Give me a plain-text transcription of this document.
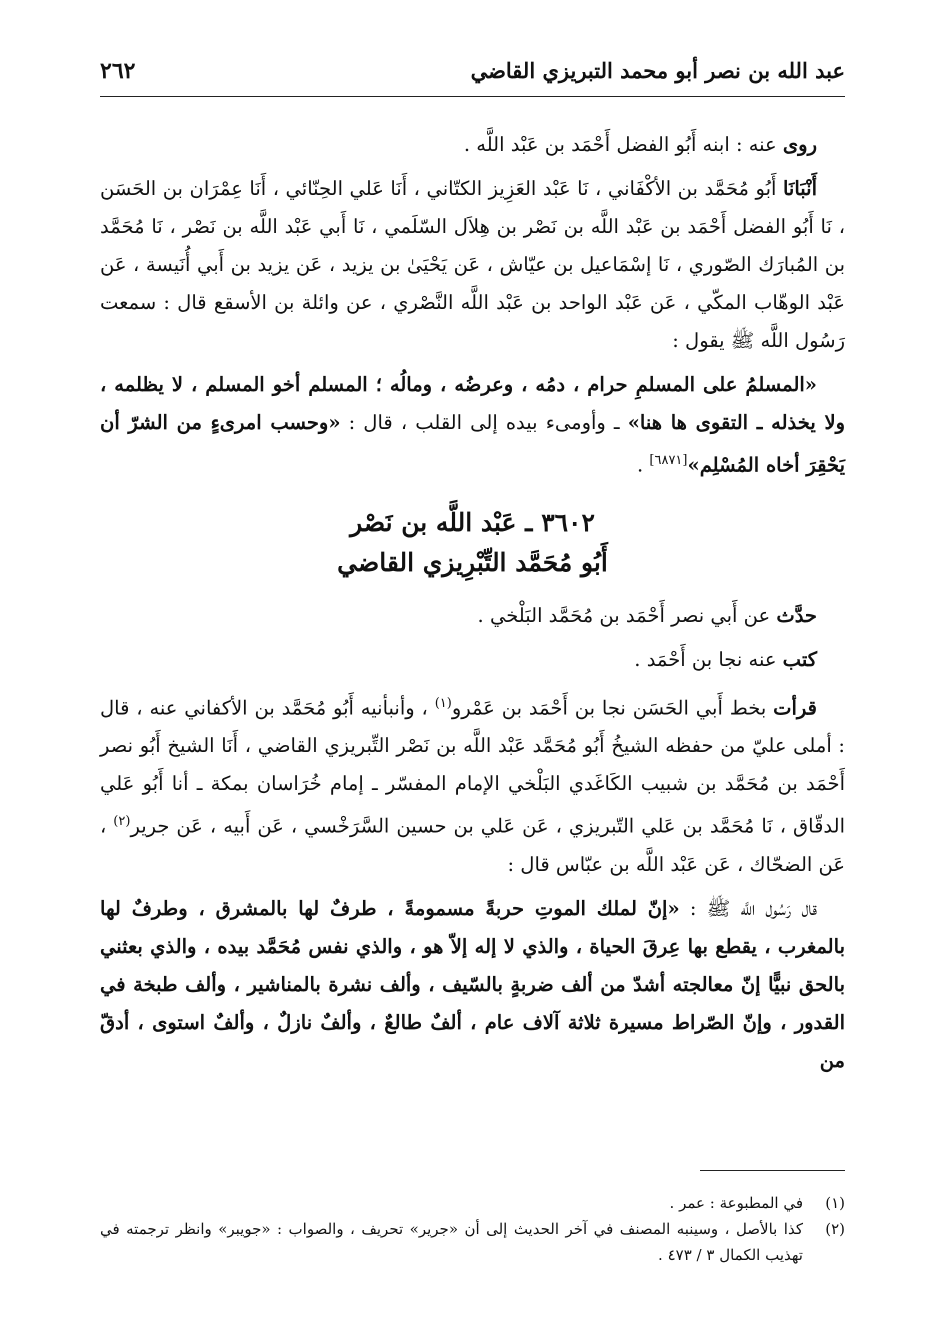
عبد الله بن نصر أبو محمد التبريزي القاضي
٢٦٢

روى عنه : ابنه أَبُو الفضل أَحْمَد بن عَبْد اللَّه .

أَنْبَانَا أَبُو مُحَمَّد بن الأكْفَاني ، نَا عَبْد العَزِيز الكتّاني ، أَنَا عَلي الحِنّائي ، أَنَا عِمْرَان بن الحَسَن ، نَا أَبُو الفضل أَحْمَد بن عَبْد اللَّه بن نَصْر بن هِلاَل السّلَمي ، نَا أَبي عَبْد اللَّه بن نَصْر ، نَا مُحَمَّد بن المُبارَك الصّوري ، نَا إسْمَاعيل بن عيّاش ، عَن يَحْيَىٰ بن يزيد ، عَن يزيد بن أَبي أُنَيسة ، عَن عَبْد الوهّاب المكّي ، عَن عَبْد الواحد بن عَبْد اللَّه النَّصْري ، عن وائلة بن الأسقع قال : سمعت رَسُول اللَّه ﷺ يقول :

«المسلمُ على المسلمِ حرام ، دمُه ، وعرضُه ، ومالُه ؛ المسلم أخو المسلم ، لا يظلمه ، ولا يخذله ـ التقوى ها هنا» ـ وأومىء بيده إلى القلب ، قال : «وحسب امرىءٍ من الشرّ أن يَحْقِرَ أخاه المُسْلِم»[٦٨٧١] .

٣٦٠٢ ـ عَبْد اللَّه بن نَصْر
أَبُو مُحَمَّد التِّبْرِيزي القاضي

حدَّث عن أَبي نصر أَحْمَد بن مُحَمَّد البَلْخي .

كتب عنه نجا بن أَحْمَد .

قرأت بخط أَبي الحَسَن نجا بن أَحْمَد بن عَمْرو$^{(١)}$ ، وأنبأنيه أَبُو مُحَمَّد بن الأكفاني عنه ، قال : أملى عليّ من حفظه الشيخُ أَبُو مُحَمَّد عَبْد اللَّه بن نَصْر التِّبريزي القاضي ، أَنَا الشيخ أَبُو نصر أَحْمَد بن مُحَمَّد بن شبيب الكَاغَدي البَلْخي الإمام المفسّر ـ إمام خُرَاسان بمكة ـ أنا أَبُو عَلي الدقّاق ، نَا مُحَمَّد بن عَلي التّبريزي ، عَن عَلي بن حسين السَّرَخْسي ، عَن أَبيه ، عَن جرير$^{(٢)}$ ، عَن الضحّاك ، عَن عَبْد اللَّه بن عبّاس قال :

قال رَسُول اللَّه ﷺ : «إنّ لملك الموتِ حربةً مسمومةً ، طرفٌ لها بالمشرق ، وطرفٌ لها بالمغرب ، يقطع بها عِرقَ الحياة ، والذي لا إله إلاّ هو ، والذي نفس مُحَمَّد بيده ، والذي بعثني بالحق نبيًّا إنّ معالجته أشدّ من ألف ضربةٍ بالسّيف ، وألف نشرة بالمناشير ، وألف طبخة في القدور ، وإنّ الصّراط مسيرة ثلاثة آلاف عام ، ألفٌ طالعٌ ، وألفٌ نازلٌ ، وألفٌ استوى ، أدقّ من

(١)
في المطبوعة : عمر .
(٢)
كذا بالأصل ، وسينبه المصنف في آخر الحديث إلى أن «جرير» تحريف ، والصواب : «جويبر» وانظر ترجمته في تهذيب الكمال ٣ / ٤٧٣ .
